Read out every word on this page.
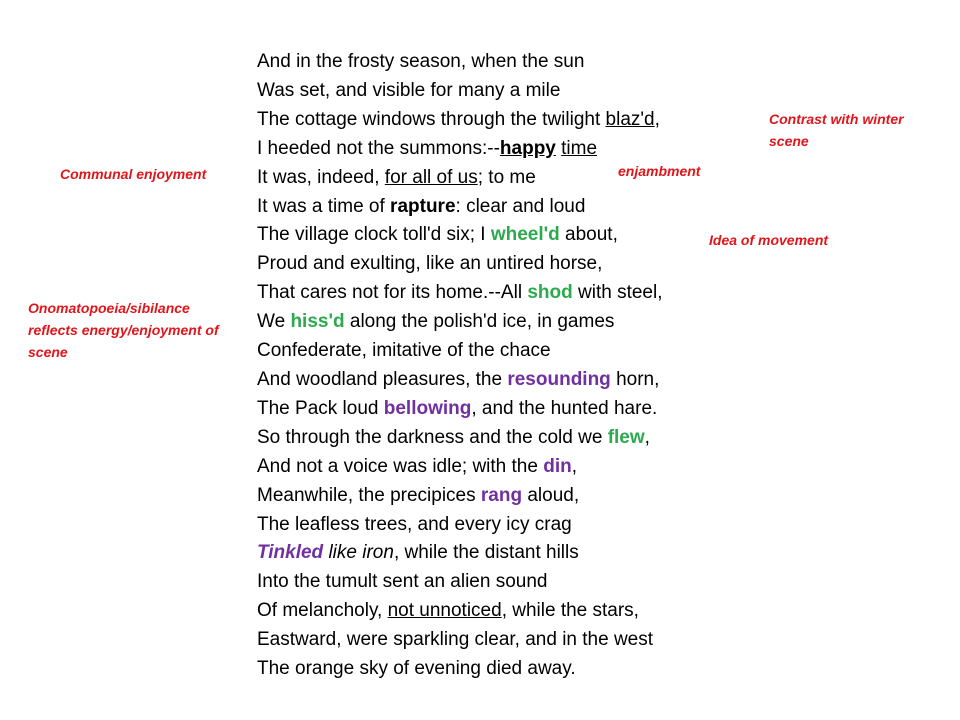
And in the frosty season, when the sun
Was set, and visible for many a mile
The cottage windows through the twilight blaz'd,
I heeded not the summons:--happy time
It was, indeed, for all of us; to me
It was a time of rapture: clear and loud
The village clock toll'd six; I wheel'd about,
Proud and exulting, like an untired horse,
That cares not for its home.--All shod with steel,
We hiss'd along the polish'd ice, in games
Confederate, imitative of the chace
And woodland pleasures, the resounding horn,
The Pack loud bellowing, and the hunted hare.
So through the darkness and the cold we flew,
And not a voice was idle; with the din,
Meanwhile, the precipices rang aloud,
The leafless trees, and every icy crag
Tinkled like iron, while the distant hills
Into the tumult sent an alien sound
Of melancholy, not unnoticed, while the stars,
Eastward, were sparkling clear, and in the west
The orange sky of evening died away.
Communal enjoyment
Contrast with winter scene
enjambment
Idea of movement
Onomatopoeia/sibilance reflects energy/enjoyment of scene
